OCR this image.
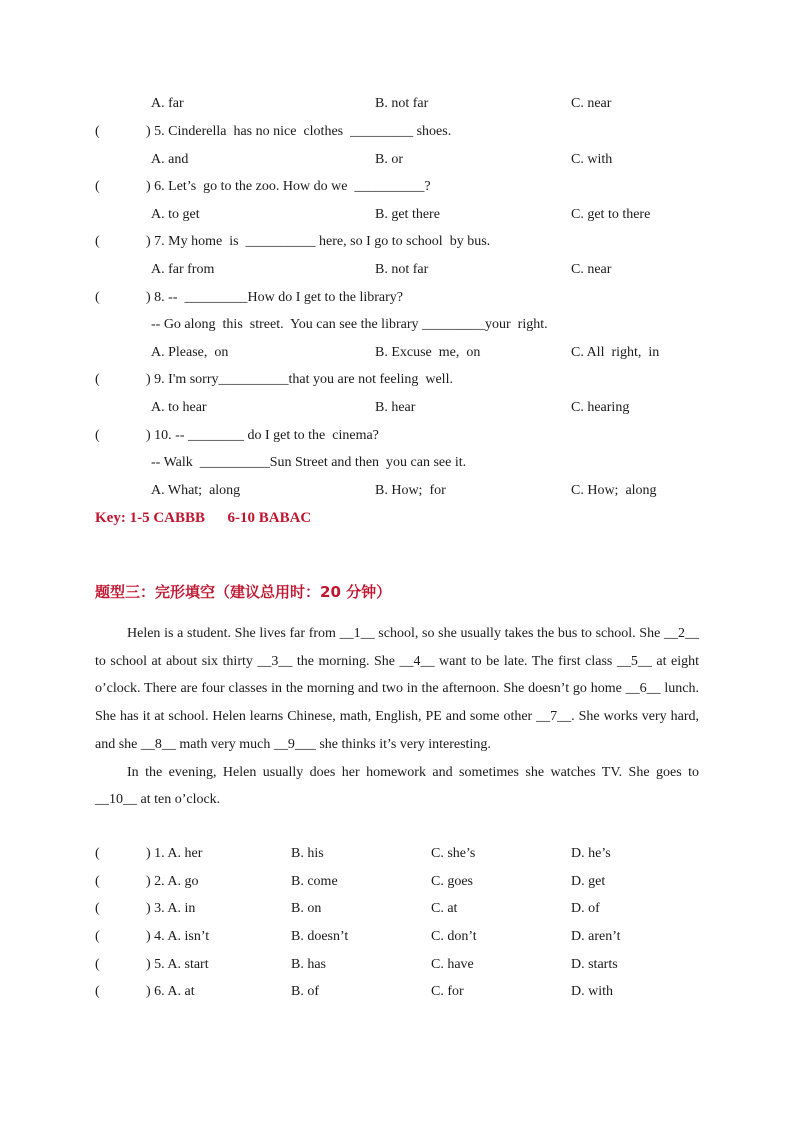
A. far	B. not far	C. near
(	) 5. Cinderella  has no nice  clothes  _________ shoes.
A. and	B. or	C. with
(	) 6. Let’s  go to the zoo. How do we  __________?
A. to get	B. get there	C. get to there
(	) 7. My home  is  __________ here, so I go to school  by bus.
A. far from	B. not far	C. near
(	) 8. --  _________How do I get to the library?
-- Go along  this  street.  You can see the library _________your  right.
A. Please,  on	B. Excuse  me,  on	C. All  right,  in
(	) 9. I'm sorry__________that you are not feeling  well.
A. to hear	B. hear	C. hearing
(	) 10. -- ________ do I get to the  cinema?
-- Walk  __________Sun Street and then  you can see it.
A. What;  along	B. How;  for	C. How;  along
Key: 1-5 CABBB      6-10 BABAC
题型三：完形填空（建议总用时：20 分钟）

Helen is a student. She lives far from __1__ school, so she usually takes the bus to school. She __2__ to school at about six thirty __3__ the morning. She __4__ want to be late. The first class __5__ at eight o’clock. There are four classes in the morning and two in the afternoon. She doesn’t go home __6__ lunch. She has it at school. Helen learns Chinese, math, English, PE and some other __7__. She works very hard, and she __8__ math very much __9___ she thinks it’s very interesting.

In the evening, Helen usually does her homework and sometimes she watches TV. She goes to __10__ at ten o’clock.

(	) 1. A. her	B. his	C. she’s	D. he’s
(	) 2. A. go	B. come	C. goes	D. get
(	) 3. A. in	B. on	C. at	D. of
(	) 4. A. isn’t	B. doesn’t	C. don’t	D. aren’t
(	) 5. A. start	B. has	C. have	D. starts
(	) 6. A. at	B. of	C. for	D. with
